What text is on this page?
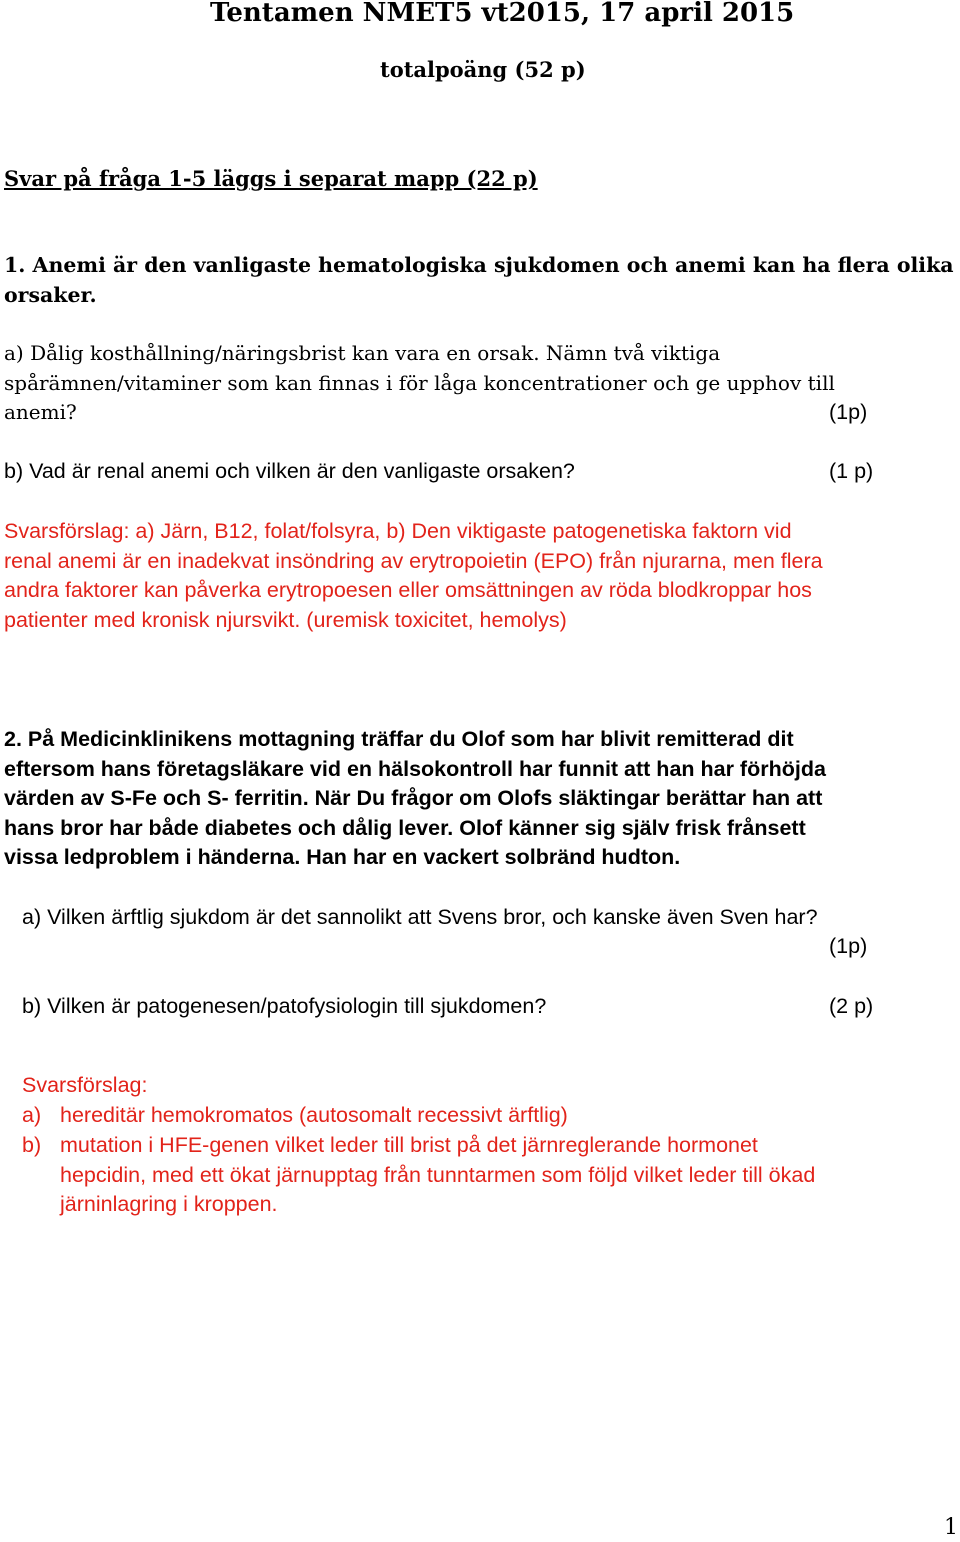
Tentamen NMET5 vt2015, 17 april 2015
totalpoäng (52 p)
Svar på fråga 1-5 läggs i separat mapp (22 p)
1. Anemi är den vanligaste hematologiska sjukdomen och anemi kan ha flera olika
orsaker.
a) Dålig kosthållning/näringsbrist kan vara en orsak. Nämn två viktiga
spårämnen/vitaminer som kan finnas i för låga koncentrationer och ge upphov till
anemi?	(1p)
b) Vad är renal anemi och vilken är den vanligaste orsaken?	(1 p)
Svarsförslag: a) Järn, B12, folat/folsyra, b) Den viktigaste patogenetiska faktorn vid
renal anemi är en inadekvat insöndring av erytropoietin (EPO) från njurarna, men flera
andra faktorer kan påverka erytropoesen eller omsättningen av röda blodkroppar hos
patienter med kronisk njursvikt. (uremisk toxicitet, hemolys)
2. På Medicinklinikens mottagning träffar du Olof som har blivit remitterad dit
eftersom hans företagsläkare vid en hälsokontroll har funnit att han har förhöjda
värden av S-Fe och S- ferritin. När Du frågor om Olofs släktingar berättar han att
hans bror har både diabetes och dålig lever. Olof känner sig själv frisk frånsett
vissa ledproblem i händerna. Han har en vackert solbränd hudton.
a) Vilken ärftlig sjukdom är det sannolikt att Svens bror, och kanske även Sven har?
(1p)
b) Vilken är patogenesen/patofysiologin till sjukdomen?	(2 p)
Svarsförslag:
a) hereditär hemokromatos (autosomalt recessivt ärftlig)
b) mutation i HFE-genen vilket leder till brist på det järnreglerande hormonet
hepcidin, med ett ökat järnupptag från tunntarmen som följd vilket leder till ökad
järninlagring i kroppen.
1
